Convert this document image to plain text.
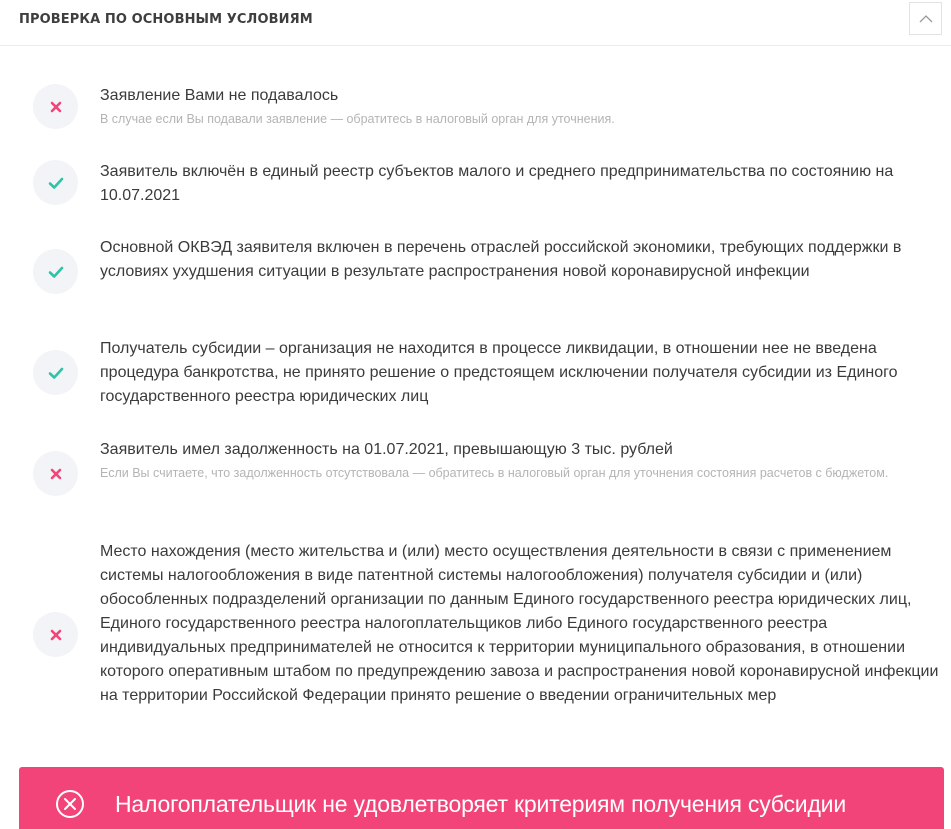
ПРОВЕРКА ПО ОСНОВНЫМ УСЛОВИЯМ
Заявление Вами не подавалось
В случае если Вы подавали заявление — обратитесь в налоговый орган для уточнения.
Заявитель включён в единый реестр субъектов малого и среднего предпринимательства по состоянию на 10.07.2021
Основной ОКВЭД заявителя включен в перечень отраслей российской экономики, требующих поддержки в условиях ухудшения ситуации в результате распространения новой коронавирусной инфекции
Получатель субсидии – организация не находится в процессе ликвидации, в отношении нее не введена процедура банкротства, не принято решение о предстоящем исключении получателя субсидии из Единого государственного реестра юридических лиц
Заявитель имел задолженность на 01.07.2021, превышающую 3 тыс. рублей
Если Вы считаете, что задолженность отсутствовала — обратитесь в налоговый орган для уточнения состояния расчетов с бюджетом.
Место нахождения (место жительства и (или) место осуществления деятельности в связи с применением системы налогообложения в виде патентной системы налогообложения) получателя субсидии и (или) обособленных подразделений организации по данным Единого государственного реестра юридических лиц, Единого государственного реестра налогоплательщиков либо Единого государственного реестра индивидуальных предпринимателей не относится к территории муниципального образования, в отношении которого оперативным штабом по предупреждению завоза и распространения новой коронавирусной инфекции на территории Российской Федерации принято решение о введении ограничительных мер
Налогоплательщик не удовлетворяет критериям получения субсидии
